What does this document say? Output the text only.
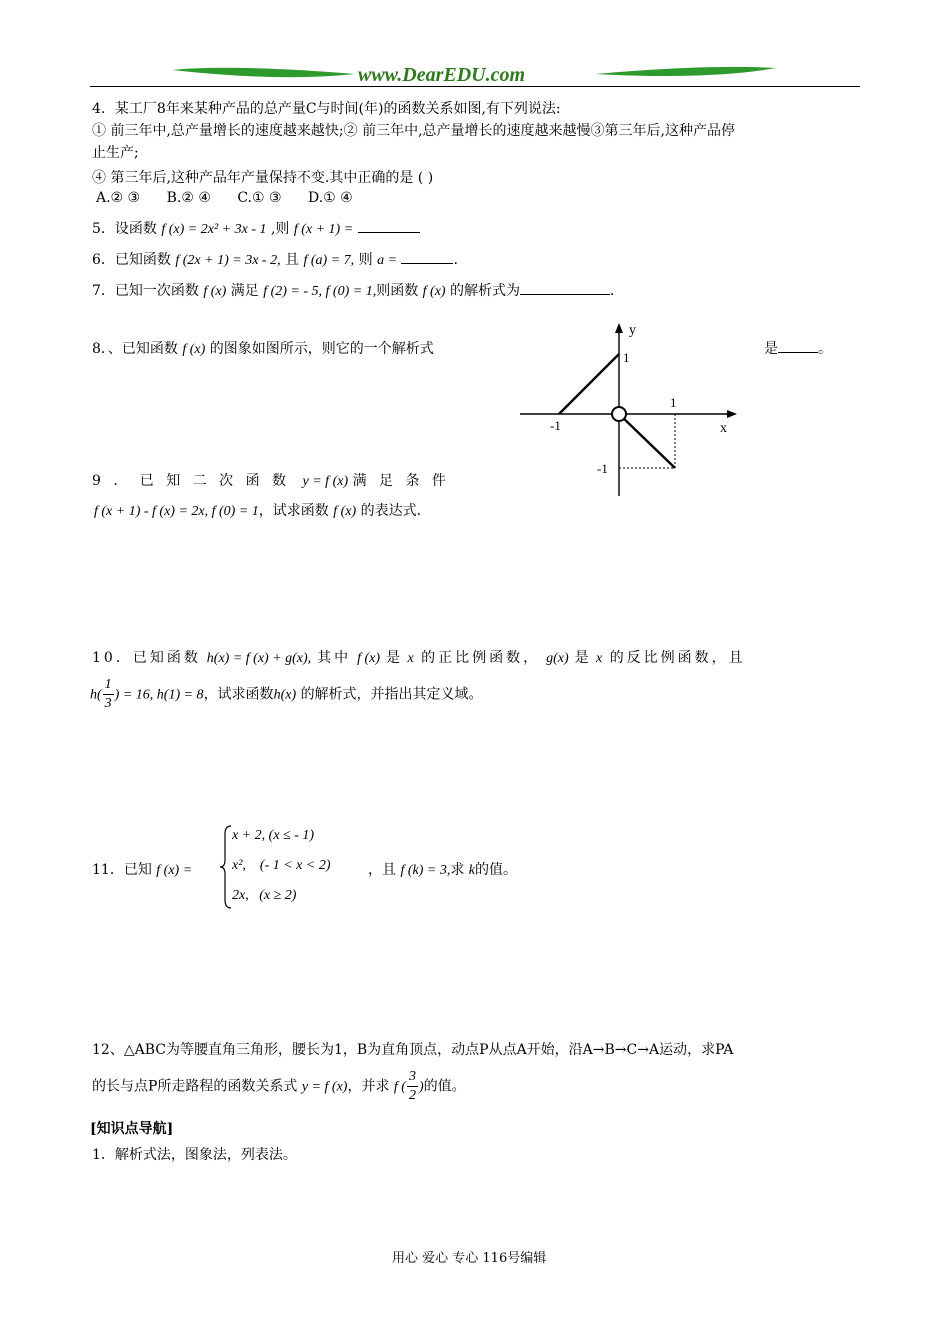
www.DearEDU.com
4．某工厂8年来某种产品的总产量C与时间(年)的函数关系如图,有下列说法:
① 前三年中,总产量增长的速度越来越快;② 前三年中,总产量增长的速度越来越慢③第三年后,这种产品停
止生产;
④ 第三年后,这种产品年产量保持不变.其中正确的是 ( )
A.② ③ B.② ④ C.① ③ D.① ④
5．设函数 f (x) = 2x² + 3x - 1 ,则 f (x + 1) =
6．已知函数 f (2x + 1) = 3x - 2, 且 f (a) = 7, 则 a =	.
7．已知一次函数 f (x) 满足 f (2) = - 5, f (0) = 1,则函数 f (x) 的解析式为	.
8．、已知函数 f (x) 的图象如图所示，则它的一个解析式	是	。
y
x
1
1
-1
-1
9 ． 已 知 二 次 函 数 y = f (x) 满 足 条 件
f (x + 1) - f (x) = 2x, f (0) = 1，试求函数 f (x) 的表达式.
10．已知函数 h(x) = f (x) + g(x), 其中 f (x) 是 x 的正比例函数， g(x) 是 x 的反比例函数，且
$h( \frac{1}{3}$ ) = 16, h(1) = 8，试求函数h(x) 的解析式，并指出其定义域。
11．已知 f (x) =
x + 2, (x ≤ - 1)
x²,    (- 1 < x < 2)
2x,   (x ≥ 2)
，且 f (k) = 3,求 k的值。
12、△ABC为等腰直角三角形，腰长为1，B为直角顶点，动点P从点A开始，沿A→B→C→A运动，求PA
的长与点P所走路程的函数关系式 y = f (x)，并求 f ( $\frac{3}{2}$ )的值。
[知识点导航]
1．解析式法，图象法，列表法。
用心 爱心 专心 116号编辑
